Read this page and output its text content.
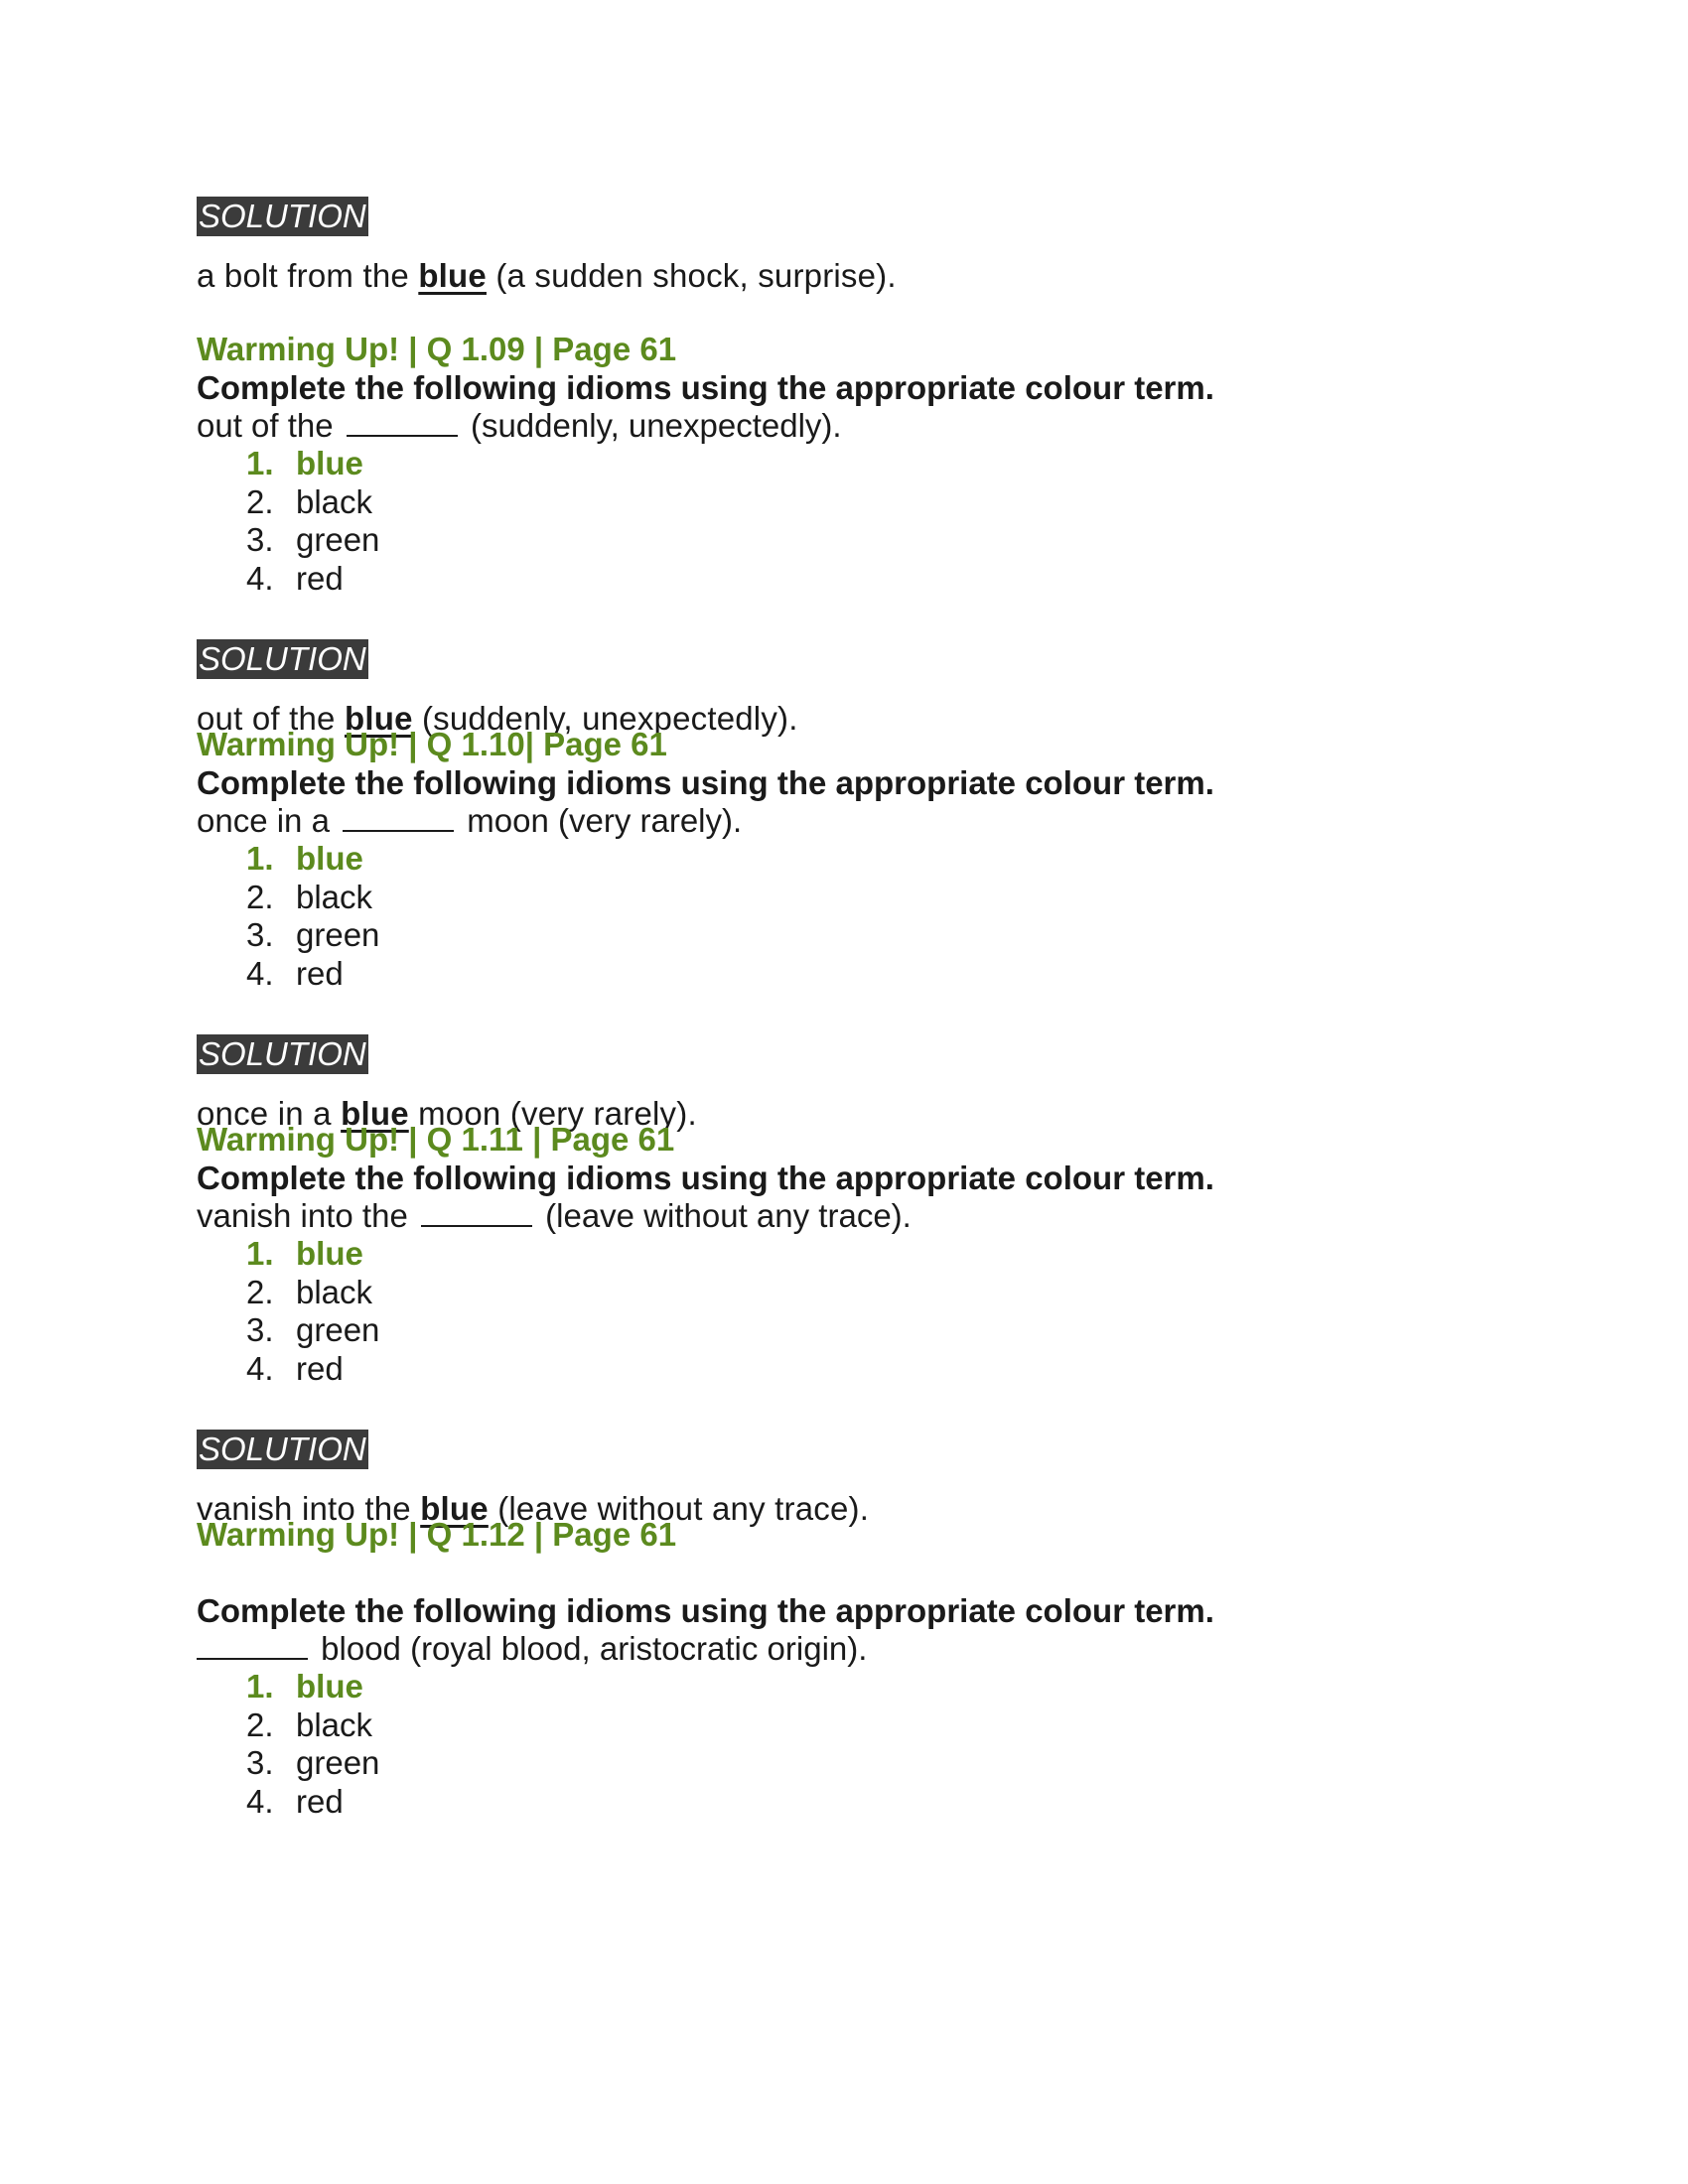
SOLUTION
a bolt from the blue (a sudden shock, surprise).
Warming Up! | Q 1.09 | Page 61
Complete the following idioms using the appropriate colour term.
out of the	(suddenly, unexpectedly).
1. blue
2. black
3. green
4. red
SOLUTION
out of the blue (suddenly, unexpectedly).
Warming Up! | Q 1.10| Page 61
Complete the following idioms using the appropriate colour term.
once in a	moon (very rarely).
1. blue
2. black
3. green
4. red
SOLUTION
once in a blue moon (very rarely).
Warming Up! | Q 1.11 | Page 61
Complete the following idioms using the appropriate colour term.
vanish into the	(leave without any trace).
1. blue
2. black
3. green
4. red
SOLUTION
vanish into the blue (leave without any trace).
Warming Up! | Q 1.12 | Page 61
Complete the following idioms using the appropriate colour term.
blood (royal blood, aristocratic origin).
1. blue
2. black
3. green
4. red
